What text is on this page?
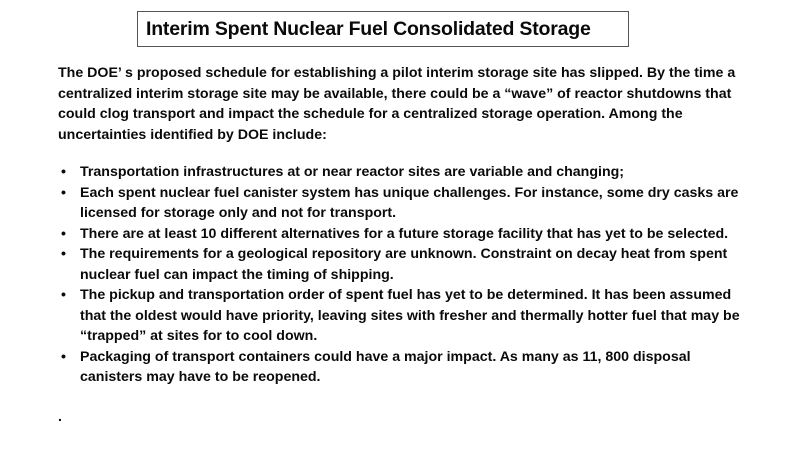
Interim Spent Nuclear Fuel Consolidated Storage

The DOE’ s proposed schedule for establishing a pilot interim storage site has slipped. By the time a centralized interim storage site may be available, there could be a “wave” of reactor shutdowns that could clog transport and impact the schedule for a centralized storage operation. Among the uncertainties identified by DOE include:

• Transportation infrastructures at or near reactor sites are variable and changing;
• Each spent nuclear fuel canister system has unique challenges. For instance, some dry casks are licensed for storage only and not for transport.
• There are at least 10 different alternatives for a future storage facility that has yet to be selected.
• The requirements for a geological repository are unknown. Constraint on decay heat from spent nuclear fuel can impact the timing of shipping.
• The pickup and transportation order of spent fuel has yet to be determined. It has been assumed that the oldest would have priority, leaving sites with fresher and thermally hotter fuel that may be “trapped” at sites for to cool down.
• Packaging of transport containers could have a major impact. As many as 11, 800 disposal canisters may have to be reopened.
.
